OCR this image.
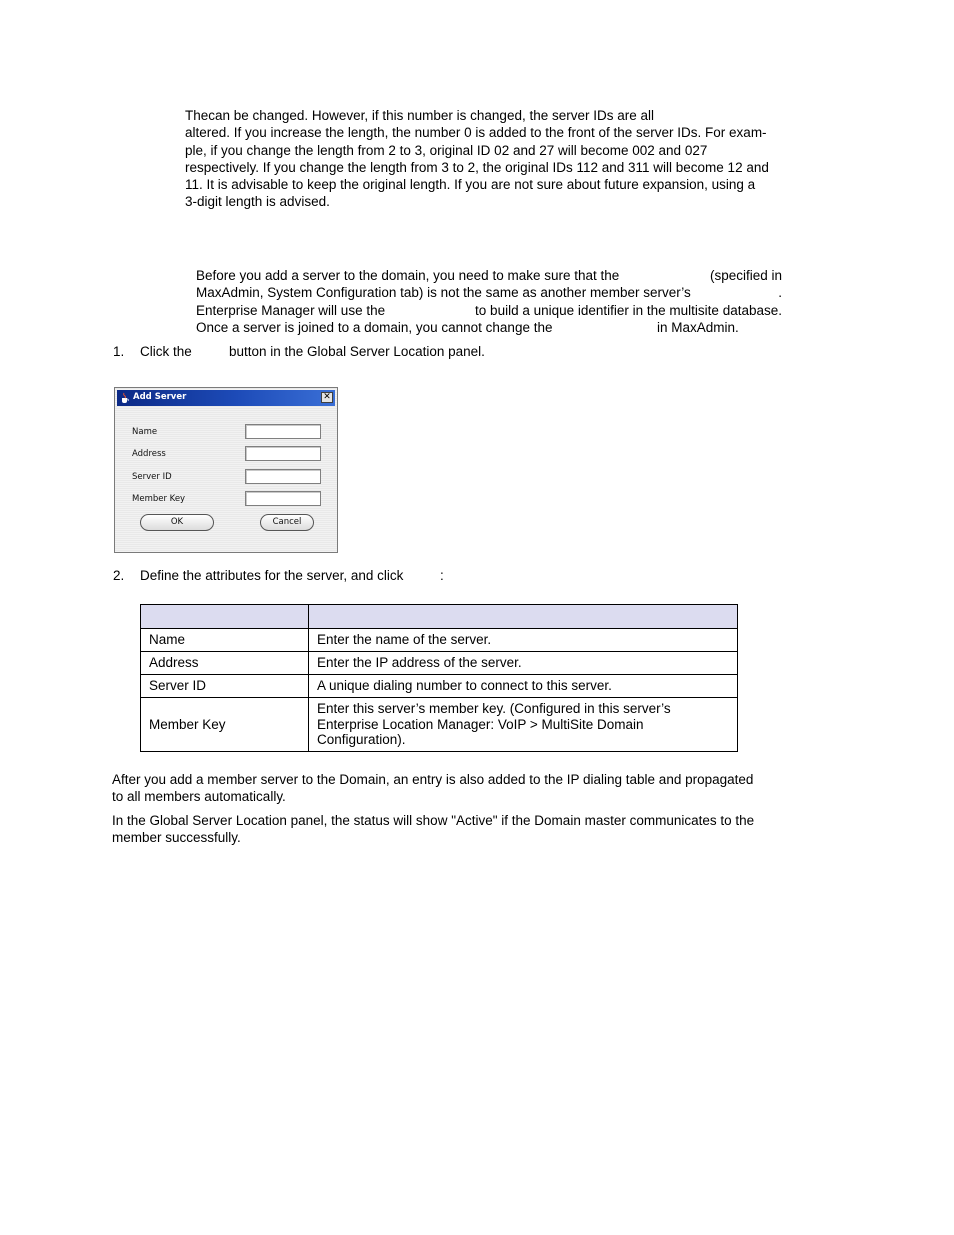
Thecan be changed. However, if this number is changed, the server IDs are all
altered. If you increase the length, the number 0 is added to the front of the server IDs. For exam-
ple, if you change the length from 2 to 3, original ID 02 and 27 will become 002 and 027
respectively. If you change the length from 3 to 2, the original IDs 112 and 311 will become 12 and
11. It is advisable to keep the original length. If you are not sure about future expansion, using a
3-digit length is advised.
Before you add a server to the domain, you need to make sure that the	(specified in
MaxAdmin, System Configuration tab) is not the same as another member server’s	.
Enterprise Manager will use the	to build a unique identifier in the multisite database.
Once a server is joined to a domain, you cannot change the	in MaxAdmin.
1. Click the	button in the Global Server Location panel.
Add Server	✕
Name
Address
Server ID
Member Key
OK	Cancel
2. Define the attributes for the server, and click	:

Name	Enter the name of the server.
Address	Enter the IP address of the server.
Server ID	A unique dialing number to connect to this server.
Member Key	Enter this server’s member key. (Configured in this server’s
Enterprise Location Manager: VoIP > MultiSite Domain
Configuration).
After you add a member server to the Domain, an entry is also added to the IP dialing table and propagated
to all members automatically.
In the Global Server Location panel, the status will show "Active" if the Domain master communicates to the
member successfully.
